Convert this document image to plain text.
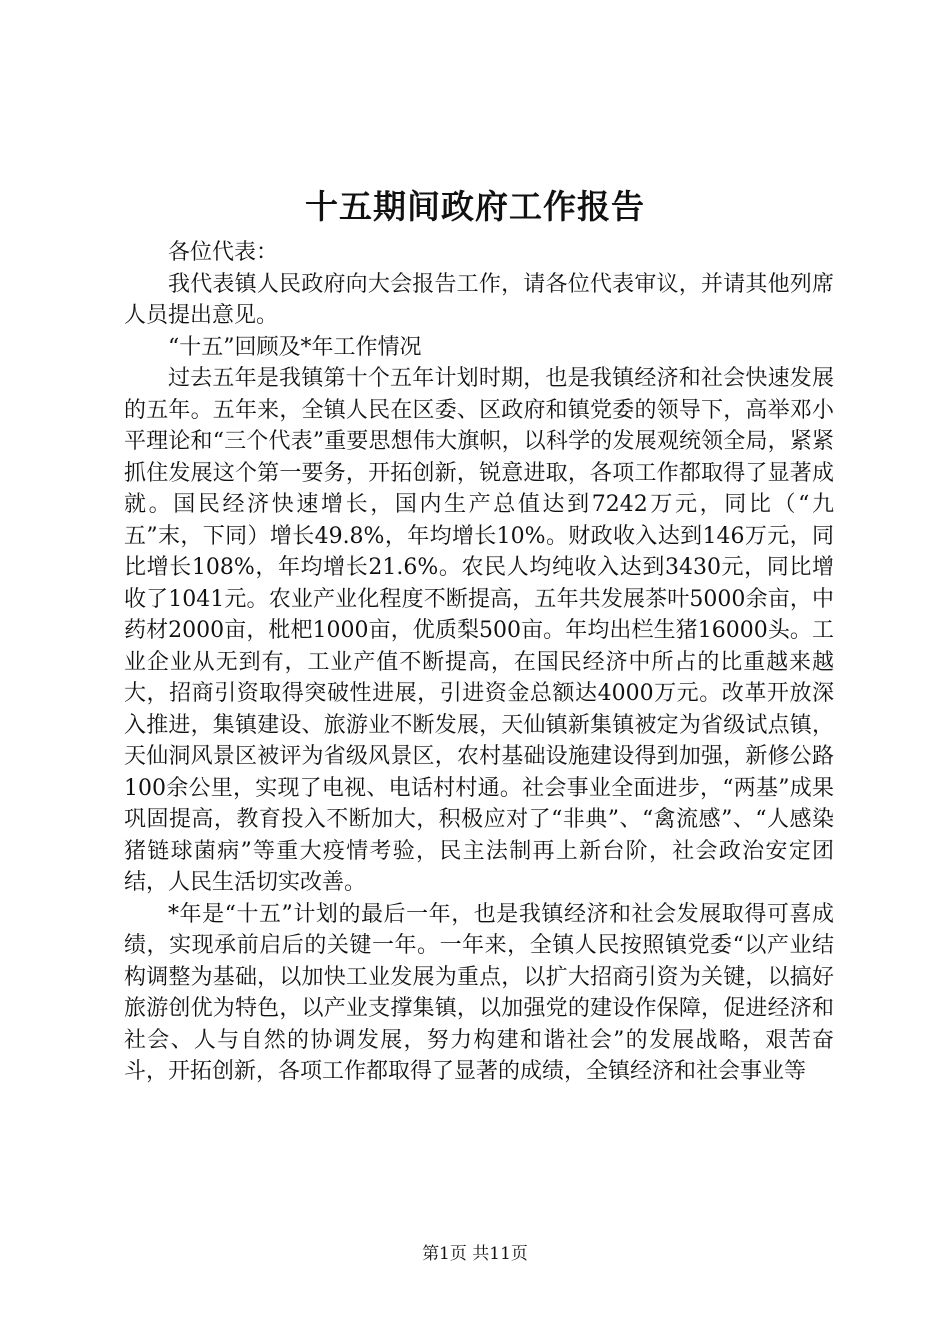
十五期间政府工作报告

各位代表：

我代表镇人民政府向大会报告工作，请各位代表审议，并请其他列席人员提出意见。

“十五”回顾及*年工作情况

过去五年是我镇第十个五年计划时期，也是我镇经济和社会快速发展的五年。五年来，全镇人民在区委、区政府和镇党委的领导下，高举邓小平理论和“三个代表”重要思想伟大旗帜，以科学的发展观统领全局，紧紧抓住发展这个第一要务，开拓创新，锐意进取，各项工作都取得了显著成就。国民经济快速增长，国内生产总值达到7242万元，同比（“九五”末，下同）增长49.8%，年均增长10%。财政收入达到146万元，同比增长108%，年均增长21.6%。农民人均纯收入达到3430元，同比增收了1041元。农业产业化程度不断提高，五年共发展茶叶5000余亩，中药材2000亩，枇杷1000亩，优质梨500亩。年均出栏生猪16000头。工业企业从无到有，工业产值不断提高，在国民经济中所占的比重越来越大，招商引资取得突破性进展，引进资金总额达4000万元。改革开放深入推进，集镇建设、旅游业不断发展，天仙镇新集镇被定为省级试点镇，天仙洞风景区被评为省级风景区，农村基础设施建设得到加强，新修公路100余公里，实现了电视、电话村村通。社会事业全面进步，“两基”成果巩固提高，教育投入不断加大，积极应对了“非典”、“禽流感”、“人感染猪链球菌病”等重大疫情考验，民主法制再上新台阶，社会政治安定团结，人民生活切实改善。

*年是“十五”计划的最后一年，也是我镇经济和社会发展取得可喜成绩，实现承前启后的关键一年。一年来，全镇人民按照镇党委“以产业结构调整为基础，以加快工业发展为重点，以扩大招商引资为关键，以搞好旅游创优为特色，以产业支撑集镇，以加强党的建设作保障，促进经济和社会、人与自然的协调发展，努力构建和谐社会”的发展战略，艰苦奋斗，开拓创新，各项工作都取得了显著的成绩，全镇经济和社会事业等

第1页 共11页
